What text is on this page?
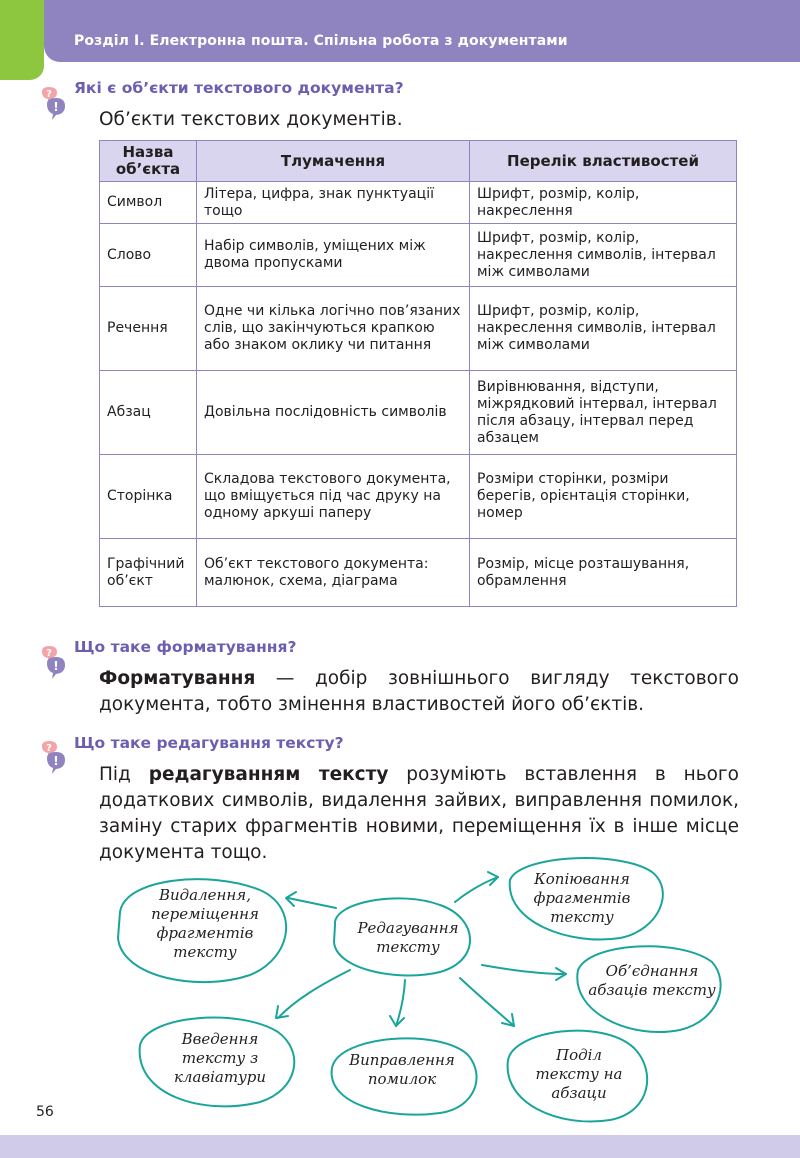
Розділ І. Електронна пошта. Спільна робота з документами
?
!
Які є об’єкти текстового документа?
Об’єкти текстових документів.
Назва об’єкта	Тлумачення	Перелік властивостей
Символ	Літера, цифра, знак пунктуації тощо	Шрифт, розмір, колір, накреслення
Слово	Набір символів, уміщених між двома пропусками	Шрифт, розмір, колір, накреслення символів, інтервал між символами
Речення	Одне чи кілька логічно пов’язаних слів, що закінчуються крапкою або знаком оклику чи питання	Шрифт, розмір, колір, накреслення символів, інтервал між символами
Абзац	Довільна послідовність символів	Вирівнювання, відступи, міжрядковий інтервал, інтервал після абзацу, інтервал перед абзацем
Сторінка	Складова текстового документа, що вміщується під час друку на одному аркуші паперу	Розміри сторінки, розміри берегів, орієнтація сторінки, номер
Графічний об’єкт	Об’єкт текстового документа: малюнок, схема, діаграма	Розмір, місце розташування, обрамлення
?
!
Що таке форматування?
Форматування — добір зовнішнього вигляду текстового документа, тобто змінення властивостей його об’єктів.
?
!
Що таке редагування тексту?
Під редагуванням тексту розуміють вставлення в нього додаткових символів, видалення зайвих, виправлення помилок, заміну старих фрагментів новими, переміщення їх в інше місце документа тощо.
Редагування тексту
Видалення, переміщення фрагментів тексту
Копіювання фрагментів тексту
Об’єднання абзаців тексту
Введення тексту з клавіатури
Виправлення помилок
Поділ тексту на абзаци
56
